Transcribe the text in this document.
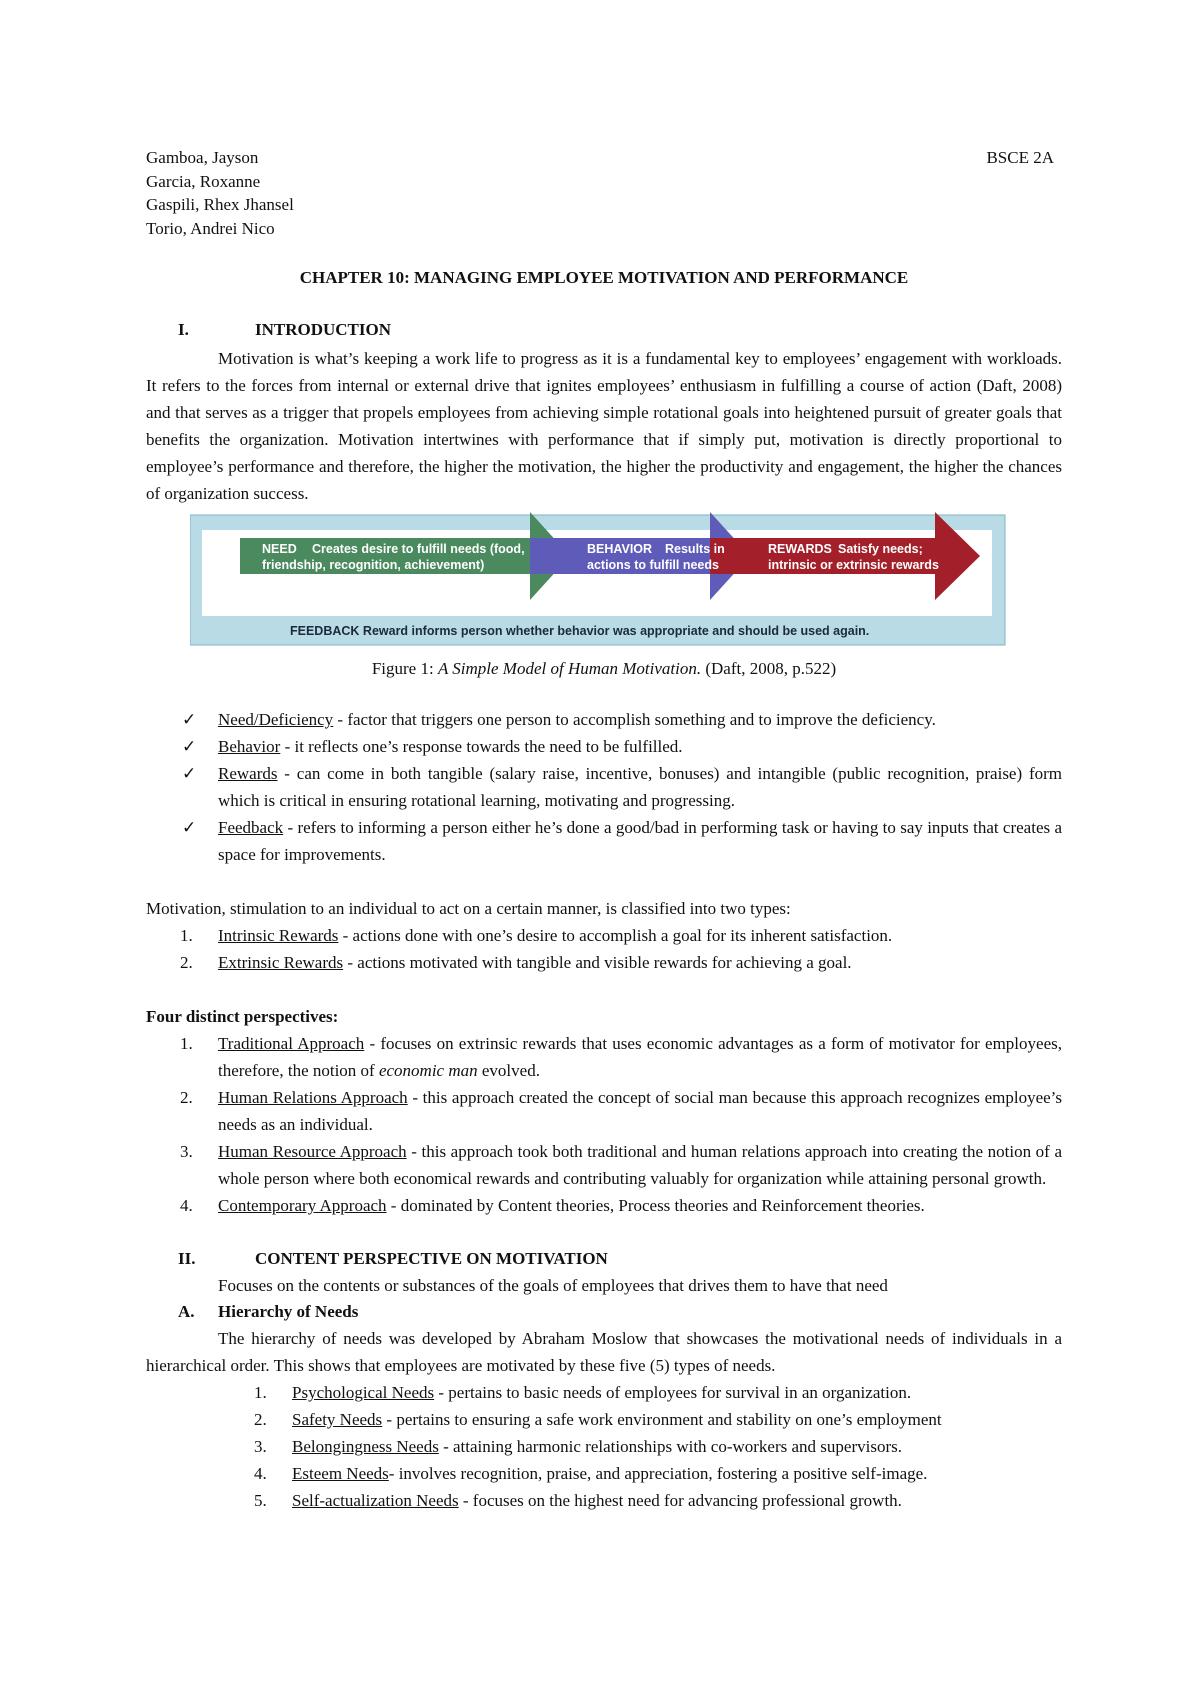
Gamboa, Jayson
Garcia, Roxanne
Gaspili, Rhex Jhansel
Torio, Andrei Nico
BSCE 2A
CHAPTER 10: MANAGING EMPLOYEE MOTIVATION AND PERFORMANCE
I.	INTRODUCTION
Motivation is what’s keeping a work life to progress as it is a fundamental key to employees’ engagement with workloads. It refers to the forces from internal or external drive that ignites employees’ enthusiasm in fulfilling a course of action (Daft, 2008) and that serves as a trigger that propels employees from achieving simple rotational goals into heightened pursuit of greater goals that benefits the organization. Motivation intertwines with performance that if simply put, motivation is directly proportional to employee’s performance and therefore, the higher the motivation, the higher the productivity and engagement, the higher the chances of organization success.
NEED Creates desire to fulfill needs (food,
friendship, recognition, achievement)
BEHAVIOR Results in
actions to fulfill needs
REWARDS Satisfy needs;
intrinsic or extrinsic rewards
FEEDBACK Reward informs person whether behavior was appropriate and should be used again.
Figure 1: A Simple Model of Human Motivation. (Daft, 2008, p.522)
✓ Need/Deficiency - factor that triggers one person to accomplish something and to improve the deficiency.
✓ Behavior - it reflects one’s response towards the need to be fulfilled.
✓ Rewards - can come in both tangible (salary raise, incentive, bonuses) and intangible (public recognition, praise) form which is critical in ensuring rotational learning, motivating and progressing.
✓ Feedback - refers to informing a person either he’s done a good/bad in performing task or having to say inputs that creates a space for improvements.
Motivation, stimulation to an individual to act on a certain manner, is classified into two types:
1. Intrinsic Rewards - actions done with one’s desire to accomplish a goal for its inherent satisfaction.
2. Extrinsic Rewards - actions motivated with tangible and visible rewards for achieving a goal.
Four distinct perspectives:
1. Traditional Approach - focuses on extrinsic rewards that uses economic advantages as a form of motivator for employees, therefore, the notion of economic man evolved.
2. Human Relations Approach - this approach created the concept of social man because this approach recognizes employee’s needs as an individual.
3. Human Resource Approach - this approach took both traditional and human relations approach into creating the notion of a whole person where both economical rewards and contributing valuably for organization while attaining personal growth.
4. Contemporary Approach - dominated by Content theories, Process theories and Reinforcement theories.
II.	CONTENT PERSPECTIVE ON MOTIVATION
Focuses on the contents or substances of the goals of employees that drives them to have that need
A. Hierarchy of Needs
The hierarchy of needs was developed by Abraham Moslow that showcases the motivational needs of individuals in a hierarchical order. This shows that employees are motivated by these five (5) types of needs.
1. Psychological Needs - pertains to basic needs of employees for survival in an organization.
2. Safety Needs - pertains to ensuring a safe work environment and stability on one’s employment
3. Belongingness Needs - attaining harmonic relationships with co-workers and supervisors.
4. Esteem Needs- involves recognition, praise, and appreciation, fostering a positive self-image.
5. Self-actualization Needs - focuses on the highest need for advancing professional growth.
